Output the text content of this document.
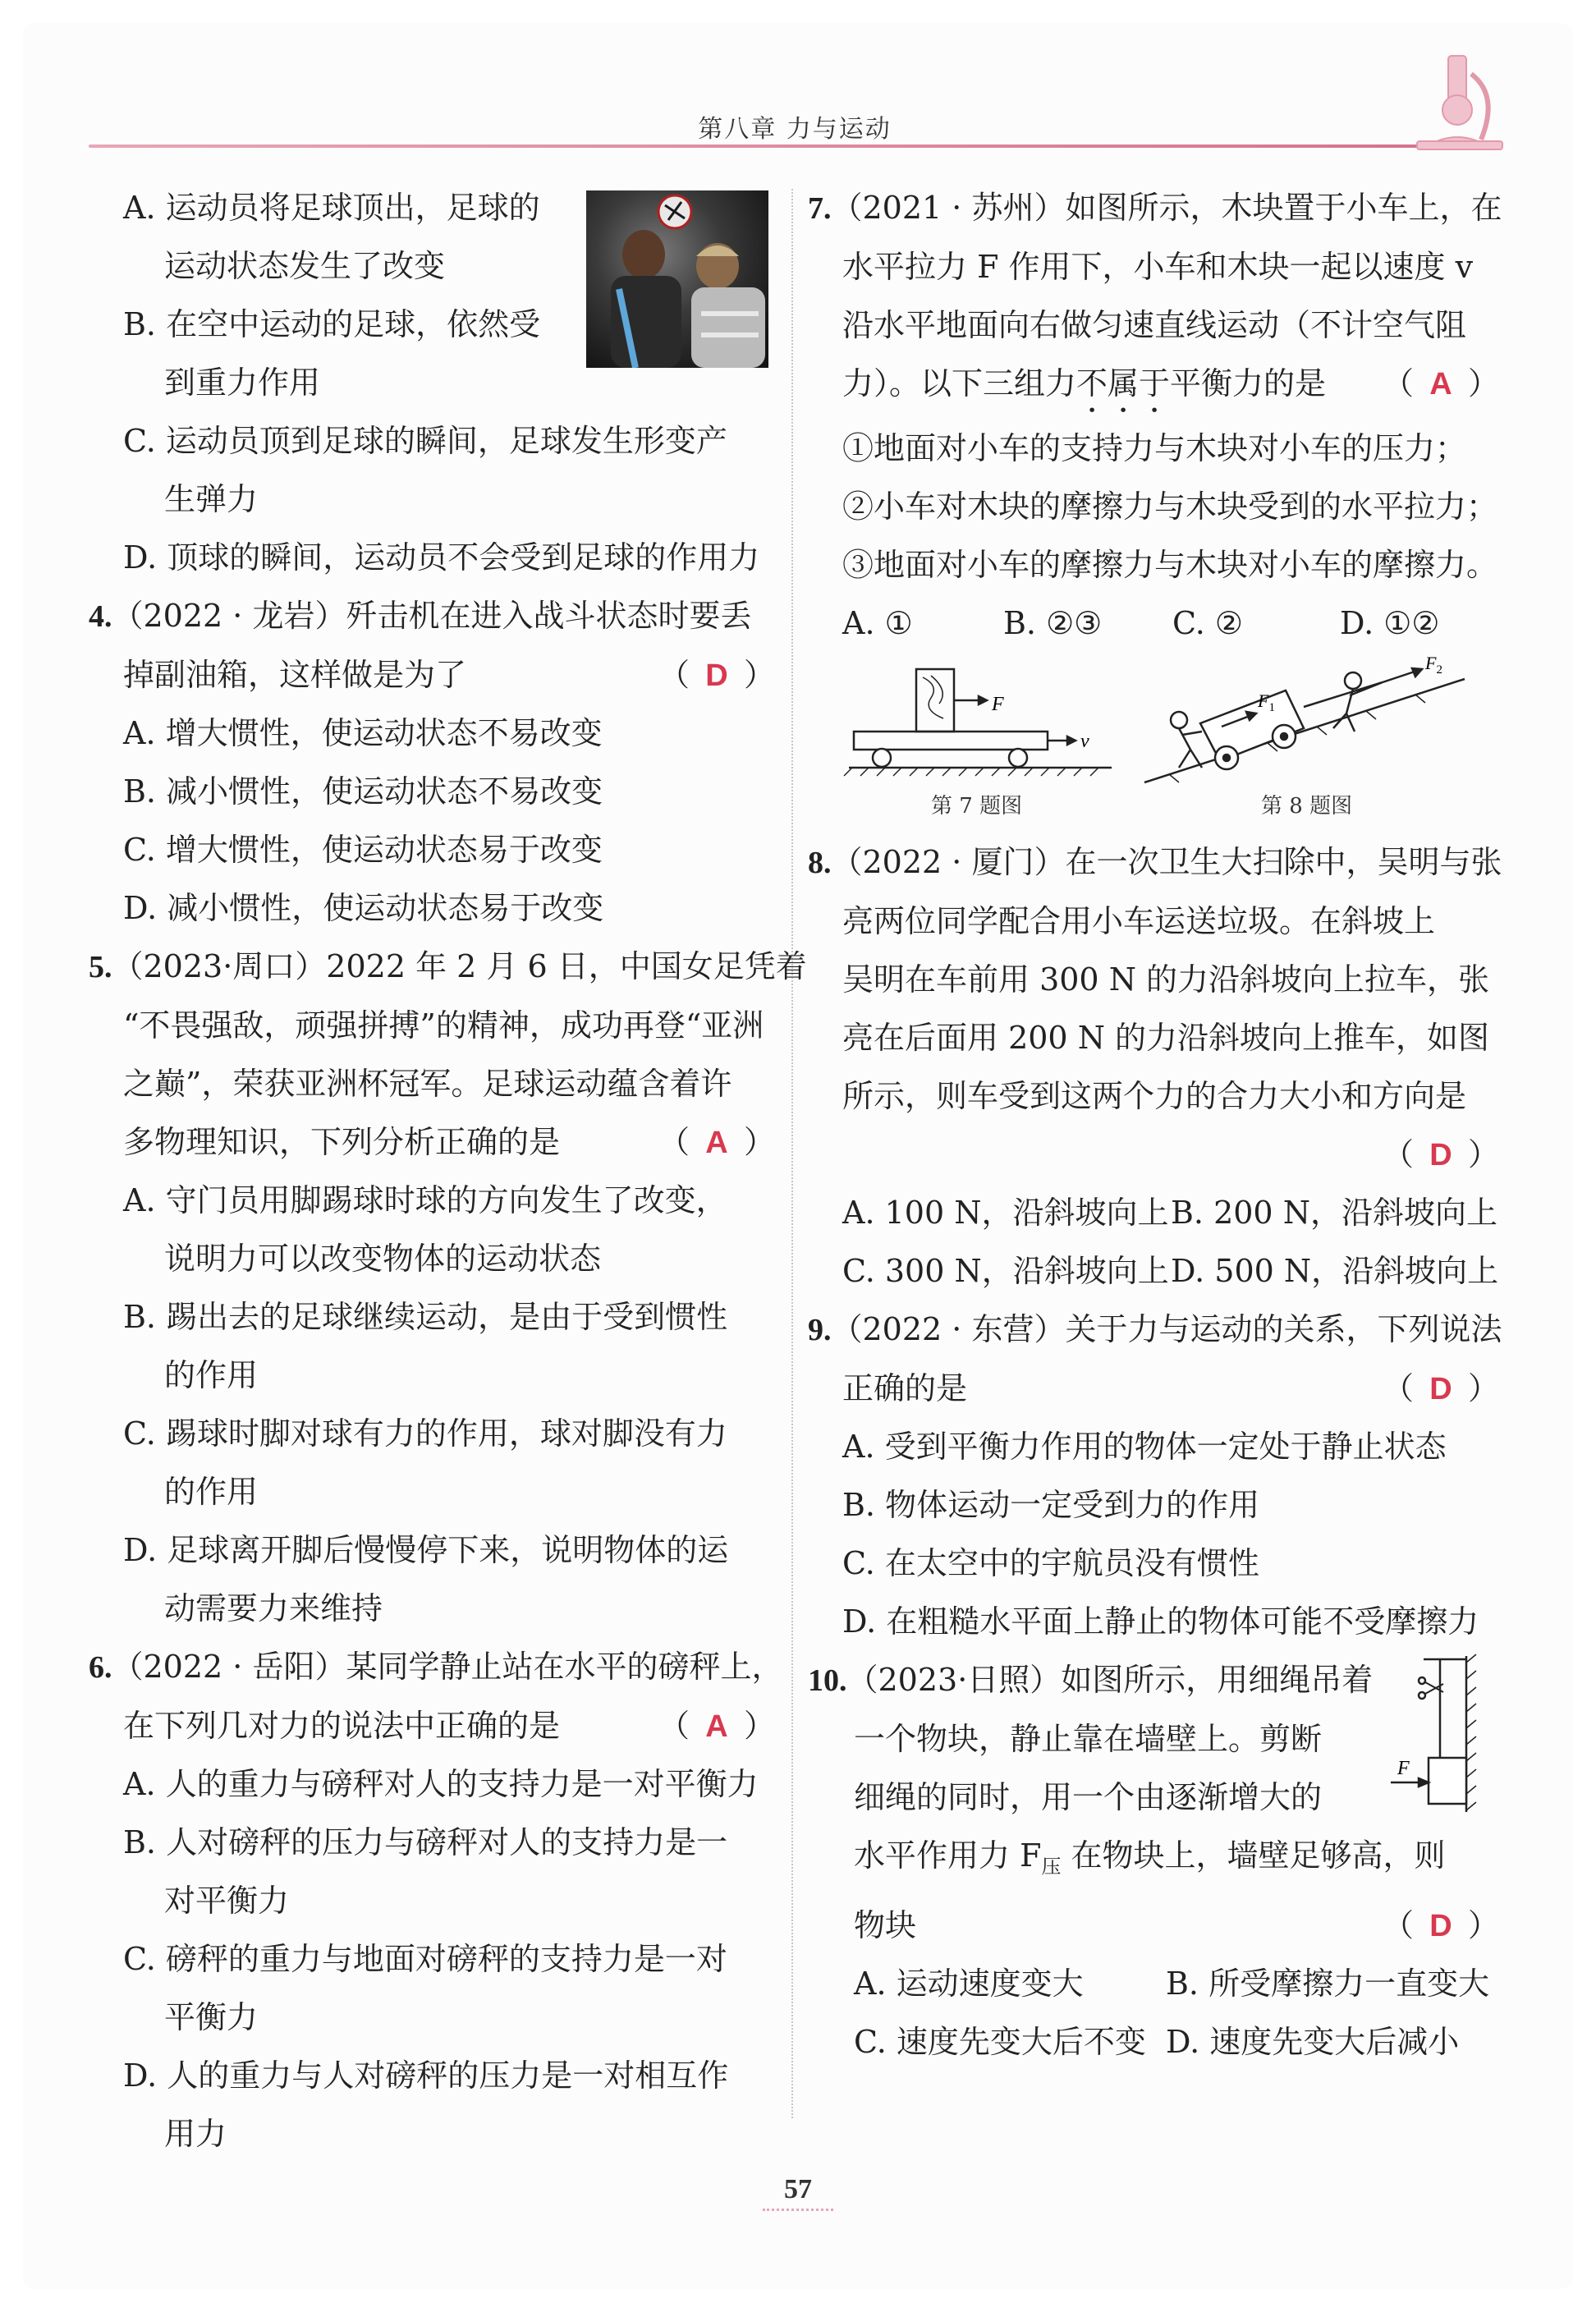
第八章 力与运动
A. 运动员将足球顶出，足球的
运动状态发生了改变
B. 在空中运动的足球，依然受
到重力作用
C. 运动员顶到足球的瞬间，足球发生形变产
生弹力
D. 顶球的瞬间，运动员不会受到足球的作用力
4.（2022 · 龙岩）歼击机在进入战斗状态时要丢
掉副油箱，这样做是为了	（ D ）
A. 增大惯性，使运动状态不易改变
B. 减小惯性，使运动状态不易改变
C. 增大惯性，使运动状态易于改变
D. 减小惯性，使运动状态易于改变
5.（2023·周口）2022 年 2 月 6 日，中国女足凭着
“不畏强敌，顽强拼搏”的精神，成功再登“亚洲
之巅”，荣获亚洲杯冠军。足球运动蕴含着许
多物理知识，下列分析正确的是	（ A ）
A. 守门员用脚踢球时球的方向发生了改变，
说明力可以改变物体的运动状态
B. 踢出去的足球继续运动，是由于受到惯性
的作用
C. 踢球时脚对球有力的作用，球对脚没有力
的作用
D. 足球离开脚后慢慢停下来，说明物体的运
动需要力来维持
6.（2022 · 岳阳）某同学静止站在水平的磅秤上，
在下列几对力的说法中正确的是	（ A ）
A. 人的重力与磅秤对人的支持力是一对平衡力
B. 人对磅秤的压力与磅秤对人的支持力是一
对平衡力
C. 磅秤的重力与地面对磅秤的支持力是一对
平衡力
D. 人的重力与人对磅秤的压力是一对相互作
用力
7.（2021 · 苏州）如图所示，木块置于小车上，在
水平拉力 F 作用下，小车和木块一起以速度 v
沿水平地面向右做匀速直线运动（不计空气阻
力）。以下三组力不属于平衡力的是 （ A ）
①地面对小车的支持力与木块对小车的压力；
②小车对木块的摩擦力与木块受到的水平拉力；
③地面对小车的摩擦力与木块对小车的摩擦力。
A. ①	B. ②③	C. ②	D. ①②
F
v
$F_1$
$F_2$
第 7 题图	第 8 题图
8.（2022 · 厦门）在一次卫生大扫除中，吴明与张
亮两位同学配合用小车运送垃圾。在斜坡上
吴明在车前用 300 N 的力沿斜坡向上拉车，张
亮在后面用 200 N 的力沿斜坡向上推车，如图
所示，则车受到这两个力的合力大小和方向是
（ D ）
A. 100 N，沿斜坡向上 B. 200 N，沿斜坡向上
C. 300 N，沿斜坡向上 D. 500 N，沿斜坡向上
9.（2022 · 东营）关于力与运动的关系，下列说法
正确的是	（ D ）
A. 受到平衡力作用的物体一定处于静止状态
B. 物体运动一定受到力的作用
C. 在太空中的宇航员没有惯性
D. 在粗糙水平面上静止的物体可能不受摩擦力
F
10.（2023·日照）如图所示，用细绳吊着
一个物块，静止靠在墙壁上。剪断
细绳的同时，用一个由逐渐增大的
水平作用力 $F_压$ 在物块上，墙壁足够高，则
物块	（ D ）
A. 运动速度变大	B. 所受摩擦力一直变大
C. 速度先变大后不变 D. 速度先变大后减小
57
